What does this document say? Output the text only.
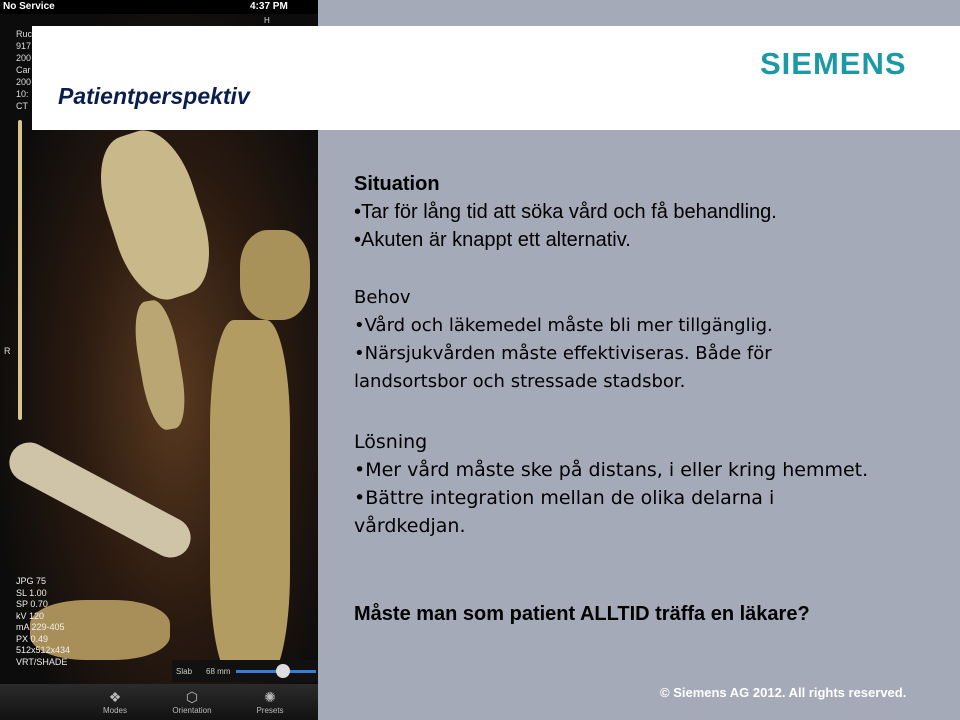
No Service	4:37 PM
H
R
Ruc
917
200
Car
200
10:
CT
JPG 75
SL 1.00
SP 0.70
kV 120
mA 229-405
PX 0.49
512x512x434
VRT/SHADE
Slab 68 mm
❖
Modes
⬡
Orientation
✺
Presets
Patientperspektiv
SIEMENS
Situation
•Tar för lång tid att söka vård och få behandling.
•Akuten är knappt ett alternativ.
Behov
•Vård och läkemedel måste bli mer tillgänglig.
•Närsjukvården måste effektiviseras. Både för
landsortsbor och stressade stadsbor.
Lösning
•Mer vård måste ske på distans, i eller kring hemmet.
•Bättre integration mellan de olika delarna i
vårdkedjan.
Måste man som patient ALLTID träffa en läkare?
© Siemens AG 2012. All rights reserved.
